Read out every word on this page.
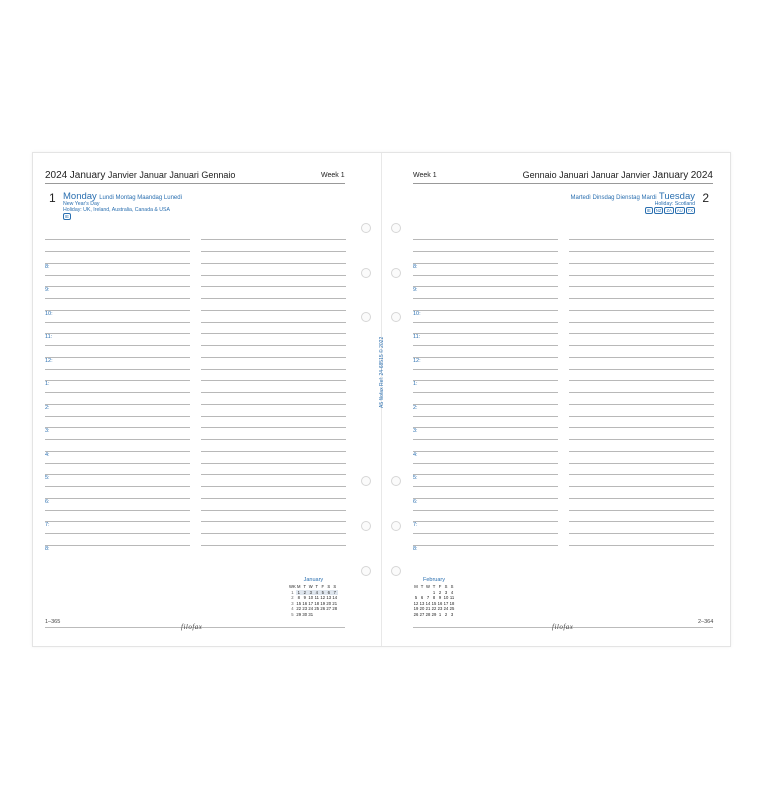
2024 January Janvier Januar Januari Gennaio	Week 1
1 Monday Lundi Montag Maandag Lunedì
New Year's Day
Holiday: UK, Ireland, Australia, Canada & USA
IE
8:
9:
10:
11:
12:
1:
2:
3:
4:
5:
6:
7:
8:
January
WK	M	T	W	T	F	S	S
1	1	2	3	4	5	6	7
2	8	9	10	11	12	13	14
3	15	16	17	18	19	20	21
4	22	23	24	25	26	27	28
5	29	30	31				
1–365
filofax
A5 filofax Ref: 24-68515 © 2022
Week 1	Gennaio Januari Januar Janvier January 2024
Martedì Dinsdag Dienstag Mardi Tuesday 2
Holiday: Scotland
IE NZ ZA AU TX
8:
9:
10:
11:
12:
1:
2:
3:
4:
5:
6:
7:
8:
February
M	T	W	T	F	S	S
			1	2	3	4
5	6	7	8	9	10	11
12	13	14	15	16	17	18
19	20	21	22	23	24	25
26	27	28	29	1	2	3
filofax
2–364
